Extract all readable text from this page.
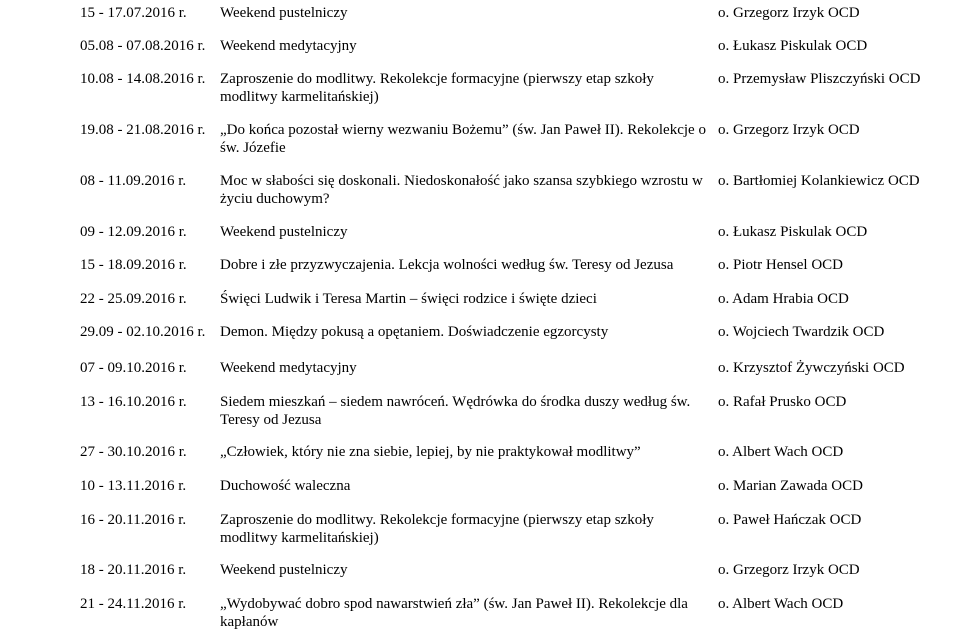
15 - 17.07.2016 r.	Weekend pustelniczy	o. Grzegorz Irzyk OCD
05.08 - 07.08.2016 r. Weekend medytacyjny	o. Łukasz Piskulak OCD
10.08 - 14.08.2016 r. Zaproszenie do modlitwy. Rekolekcje formacyjne (pierwszy etap szkoły modlitwy karmelitańskiej)
o. Przemysław Pliszczyński OCD
19.08 - 21.08.2016 r. „Do końca pozostał wierny wezwaniu Bożemu” (św. Jan Paweł II). Rekolekcje o św. Józefie
o. Grzegorz Irzyk OCD
08 - 11.09.2016 r.	Moc w słabości się doskonali. Niedoskonałość jako szansa szybkiego wzrostu w życiu duchowym?
o. Bartłomiej Kolankiewicz OCD
09 - 12.09.2016 r.	Weekend pustelniczy	o. Łukasz Piskulak OCD
15 - 18.09.2016 r.	Dobre i złe przyzwyczajenia. Lekcja wolności według św. Teresy od Jezusa	o. Piotr Hensel OCD
22 - 25.09.2016 r.	Święci Ludwik i Teresa Martin – święci rodzice i święte dzieci	o. Adam Hrabia OCD
29.09 - 02.10.2016 r. Demon. Między pokusą a opętaniem. Doświadczenie egzorcysty	o. Wojciech Twardzik OCD
07 - 09.10.2016 r.	Weekend medytacyjny	o. Krzysztof Żywczyński OCD
13 - 16.10.2016 r.	Siedem mieszkań – siedem nawróceń. Wędrówka do środka duszy według św. Teresy od Jezusa
o. Rafał Prusko OCD
27 - 30.10.2016 r.	„Człowiek, który nie zna siebie, lepiej, by nie praktykował modlitwy”	o. Albert Wach OCD
10 - 13.11.2016 r.	Duchowość waleczna	o. Marian Zawada OCD
16 - 20.11.2016 r.	Zaproszenie do modlitwy. Rekolekcje formacyjne (pierwszy etap szkoły modlitwy karmelitańskiej)
o. Paweł Hańczak OCD
18 - 20.11.2016 r.	Weekend pustelniczy	o. Grzegorz Irzyk OCD
21 - 24.11.2016 r.	„Wydobywać dobro spod nawarstwień zła” (św. Jan Paweł II). Rekolekcje dla kapłanów
o. Albert Wach OCD
